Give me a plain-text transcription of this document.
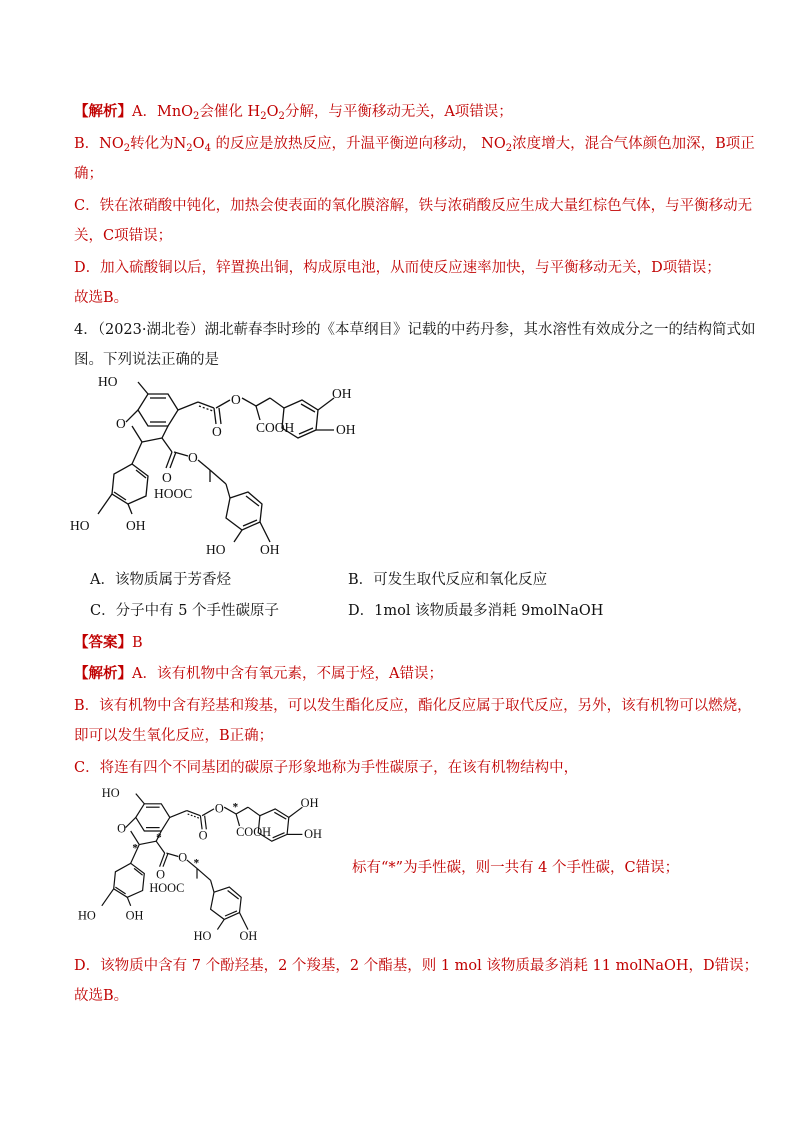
【解析】A．MnO$_2$会催化 $H_2O_2$分解，与平衡移动无关，A项错误；
B．$NO_2$转化为$N_2O_4$ 的反应是放热反应，升温平衡逆向移动， $NO_2$浓度增大，混合气体颜色加深，B项正
确；
C．铁在浓硝酸中钝化，加热会使表面的氧化膜溶解，铁与浓硝酸反应生成大量红棕色气体，与平衡移动无
关，C项错误；
D．加入硫酸铜以后，锌置换出铜，构成原电池，从而使反应速率加快，与平衡移动无关，D项错误；
故选B。
4．（2023·湖北卷）湖北蕲春李时珍的《本草纲目》记载的中药丹参，其水溶性有效成分之一的结构简式如
图。下列说法正确的是
HO
O
O
O
COOH
OH
OH
O
O
HOOC
HO	OH
HO	OH
A．该物质属于芳香烃	B．可发生取代反应和氧化反应
C．分子中有 5 个手性碳原子	D．1mol 该物质最多消耗 9molNaOH
【答案】B
【解析】A．该有机物中含有氧元素，不属于烃，A错误；
B．该有机物中含有羟基和羧基，可以发生酯化反应，酯化反应属于取代反应，另外，该有机物可以燃烧，
即可以发生氧化反应，B正确；
C．将连有四个不同基团的碳原子形象地称为手性碳原子，在该有机物结构中，
HO
O	O
O
COOH
OH
OH
O
O
HOOC
HO OH
HO OH
*
*
*
*	标有“*”为手性碳，则一共有 4 个手性碳，C错误；
D．该物质中含有 7 个酚羟基，2 个羧基，2 个酯基，则 1 mol 该物质最多消耗 11 molNaOH，D错误；
故选B。
